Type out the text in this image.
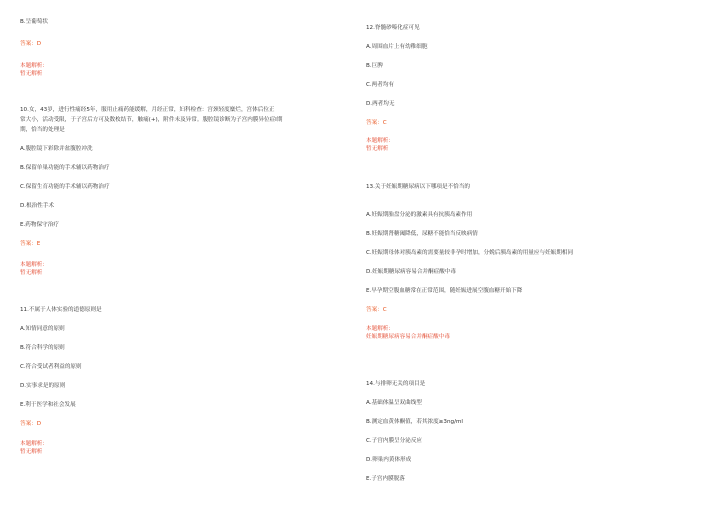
B.呈葡萄状
答案：D
本题解析：
暂无解析
10.女，43岁，进行性痛经5年，服用止痛药能缓解，月经正常，妇科检查：宫颈轻度糜烂，宫体后位正
常大小，活动受限，于子宫后方可及数枚结节，触痛(+)，附件未及异常。腹腔镜诊断为子宫内膜异位症Ⅰ期
期，恰当的处理是
A.腹腔镜下彩除并盆腹腔冲洗
B.保留单巢功能的手术辅以药物治疗
C.保留生育功能的手术辅以药物治疗
D.根治性手术
E.药物保守治疗
答案：E
本题解析：
暂无解析
11.不属于人体实验的道德原则是
A.知情同意的原则
B.符合科学的原则
C.符合受试者利益的原则
D.实事求是的原则
E.利于医学和社会发展
答案：D
本题解析：
暂无解析
12.脊髓砂嗪化症可见
A.周围血片上有幼稚细胞
B.巨脾
C.两者均有
D.两者均无
答案：C
本题解析：
暂无解析
13.关于妊娠期糖尿病以下哪项是不恰当的
A.妊娠期胎盘分泌的激素具有抗胰岛素作用
B.妊娠期肾糖阈降低，尿糖不能恰当反映病情
C.妊娠期母体对胰岛素的需要量较非孕时增加，分娩后胰岛素的用量应与妊娠期相同
D.妊娠期糖尿病容易合并酮症酸中毒
E.早孕期空腹血糖常在正常范围，随妊娠进展空腹血糖开始下降
答案：C
本题解析：
妊娠期糖尿病容易合并酮症酸中毒
14.与排卵无关的项目是
A.基础体温呈双曲线型
B.测定血黄体酮值，若其浓度≥3ng/ml
C.子宫内膜呈分泌反应
D.卵巢内黄体形成
E.子宫内膜脱落
